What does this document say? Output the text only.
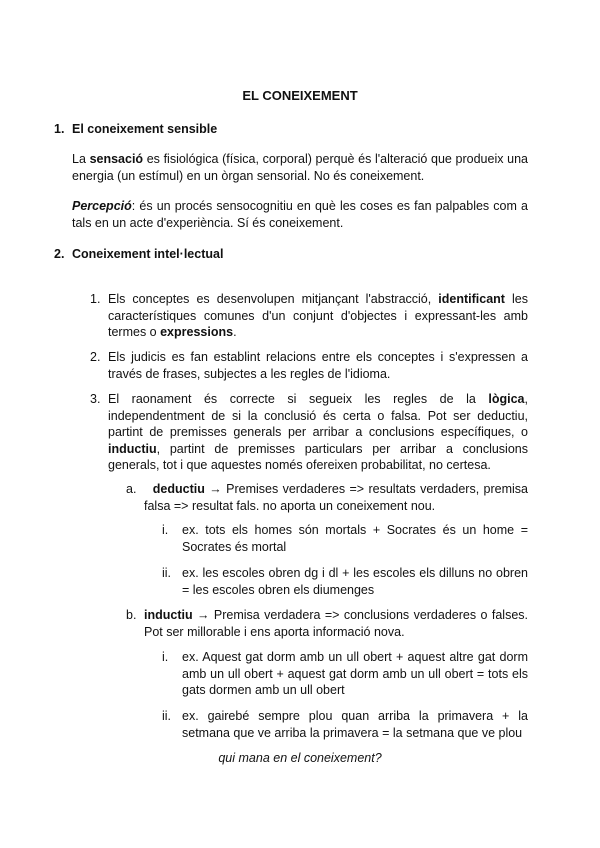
EL CONEIXEMENT
1. El coneixement sensible
La sensació es fisiológica (física, corporal) perquè és l'alteració que produeix una energia (un estímul) en un òrgan sensorial. No és coneixement.
Percepció: és un procés sensocognitiu en què les coses es fan palpables com a tals en un acte d'experiència. Sí és coneixement.
2. Coneixement intel·lectual
1. Els conceptes es desenvolupen mitjançant l'abstracció, identificant les característiques comunes d'un conjunt d'objectes i expressant-les amb termes o expressions.
2. Els judicis es fan establint relacions entre els conceptes i s'expressen a través de frases, subjectes a les regles de l'idioma.
3. El raonament és correcte si segueix les regles de la lògica, independentment de si la conclusió és certa o falsa. Pot ser deductiu, partint de premisses generals per arribar a conclusions específiques, o inductiu, partint de premisses particulars per arribar a conclusions generals, tot i que aquestes només ofereixen probabilitat, no certesa.
a.	deductiu → Premises verdaderes => resultats verdaders, premisa falsa => resultat fals. no aporta un coneixement nou.
i. ex. tots els homes són mortals + Socrates és un home = Socrates és mortal
ii. ex. les escoles obren dg i dl + les escoles els dilluns no obren = les escoles obren els diumenges
b. inductiu → Premisa verdadera => conclusions verdaderes o falses. Pot ser millorable i ens aporta informació nova.
i. ex. Aquest gat dorm amb un ull obert + aquest altre gat dorm amb un ull obert + aquest gat dorm amb un ull obert = tots els gats dormen amb un ull obert
ii. ex. gairebé sempre plou quan arriba la primavera + la setmana que ve arriba la primavera = la setmana que ve plou
qui mana en el coneixement?
